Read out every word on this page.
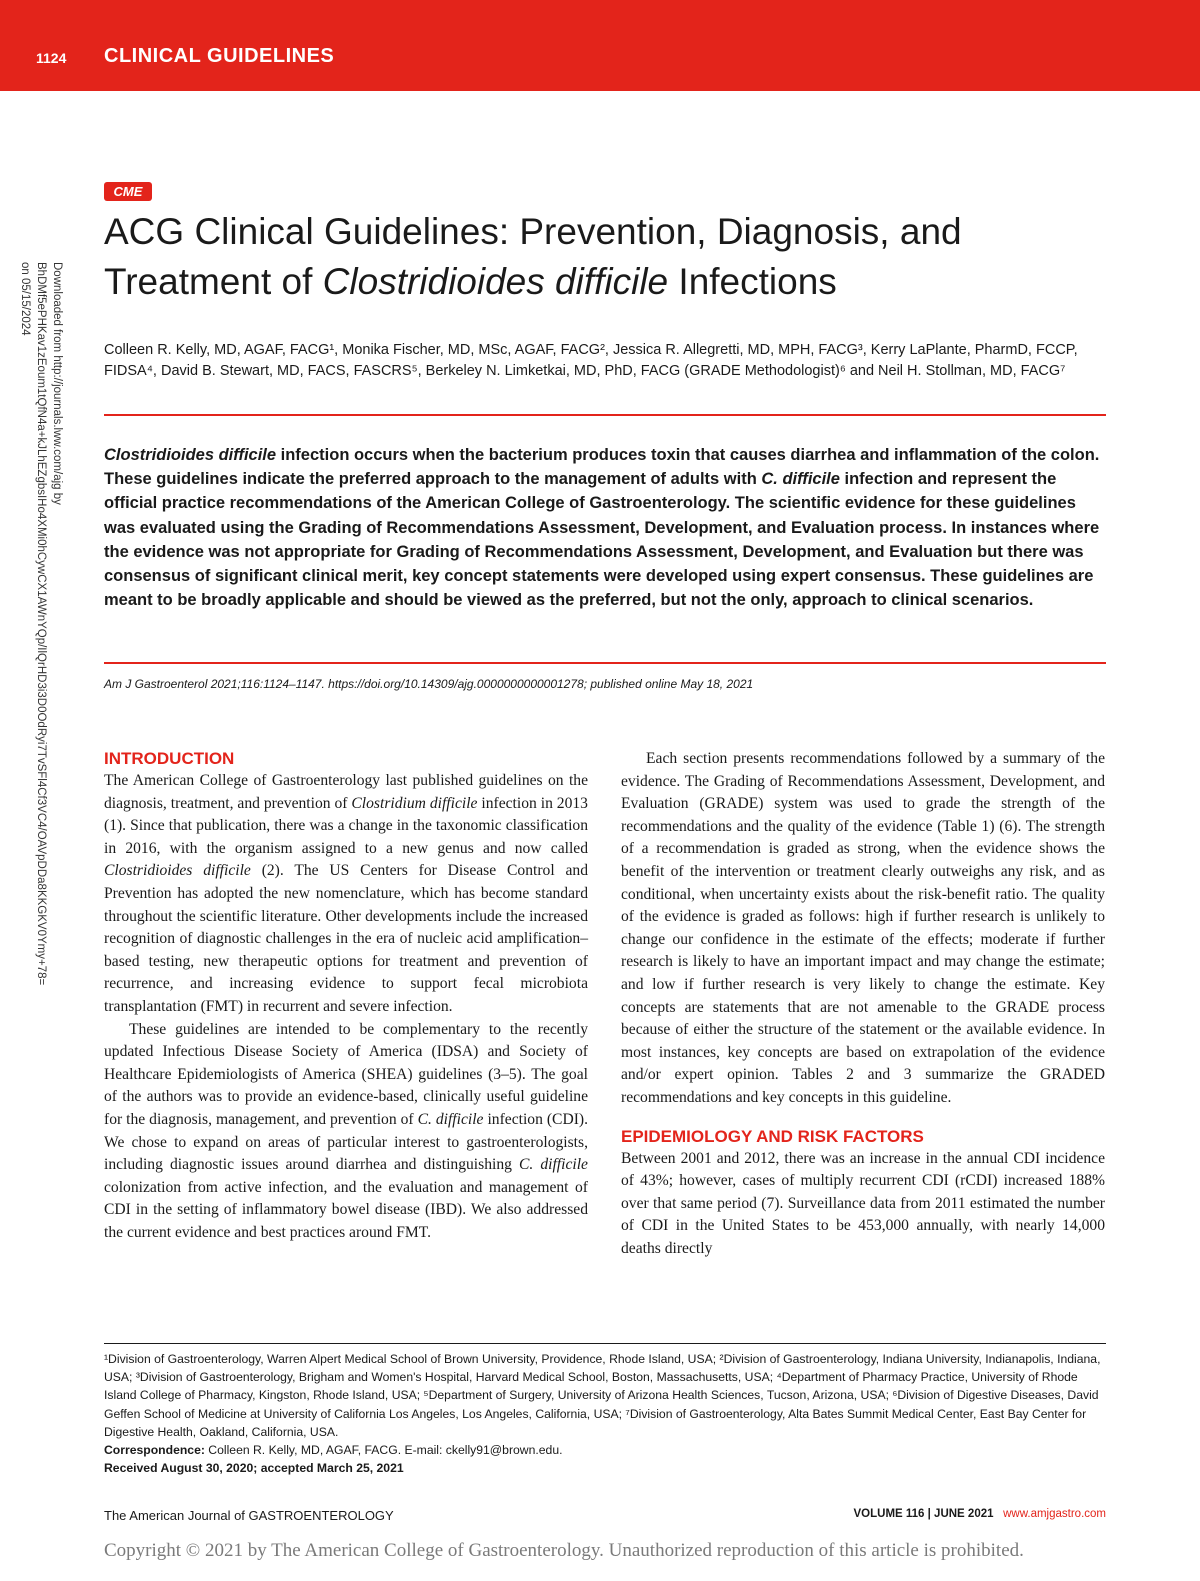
1124 CLINICAL GUIDELINES
Downloaded from http://journals.lww.com/ajg by BhDMf5ePHKav1zEoum1tQfN4a+kJLhEZgbsIHo4XMi0hCywCX1AWnYQp/IlQrHD3i3D0OdRyi7TvSFl4Cf3VC4/OAVpDDa8KKGKV0Ymy+78= on 05/15/2024
CME
ACG Clinical Guidelines: Prevention, Diagnosis, and
Treatment of Clostridioides difficile Infections
Colleen R. Kelly, MD, AGAF, FACG¹, Monika Fischer, MD, MSc, AGAF, FACG², Jessica R. Allegretti, MD, MPH, FACG³, Kerry LaPlante, PharmD, FCCP, FIDSA⁴, David B. Stewart, MD, FACS, FASCRS⁵, Berkeley N. Limketkai, MD, PhD, FACG (GRADE Methodologist)⁶ and Neil H. Stollman, MD, FACG⁷
Clostridioides difficile infection occurs when the bacterium produces toxin that causes diarrhea and inflammation of the colon. These guidelines indicate the preferred approach to the management of adults with C. difficile infection and represent the official practice recommendations of the American College of Gastroenterology. The scientific evidence for these guidelines was evaluated using the Grading of Recommendations Assessment, Development, and Evaluation process. In instances where the evidence was not appropriate for Grading of Recommendations Assessment, Development, and Evaluation but there was consensus of significant clinical merit, key concept statements were developed using expert consensus. These guidelines are meant to be broadly applicable and should be viewed as the preferred, but not the only, approach to clinical scenarios.
Am J Gastroenterol 2021;116:1124–1147. https://doi.org/10.14309/ajg.0000000000001278; published online May 18, 2021
INTRODUCTION

The American College of Gastroenterology last published guidelines on the diagnosis, treatment, and prevention of Clostridium difficile infection in 2013 (1). Since that publication, there was a change in the taxonomic classification in 2016, with the organism assigned to a new genus and now called Clostridioides difficile (2). The US Centers for Disease Control and Prevention has adopted the new nomenclature, which has become standard throughout the scientific literature. Other developments include the increased recognition of diagnostic challenges in the era of nucleic acid amplification–based testing, new therapeutic options for treatment and prevention of recurrence, and increasing evidence to support fecal microbiota transplantation (FMT) in recurrent and severe infection.

These guidelines are intended to be complementary to the recently updated Infectious Disease Society of America (IDSA) and Society of Healthcare Epidemiologists of America (SHEA) guidelines (3–5). The goal of the authors was to provide an evidence-based, clinically useful guideline for the diagnosis, management, and prevention of C. difficile infection (CDI). We chose to expand on areas of particular interest to gastroenterologists, including diagnostic issues around diarrhea and distinguishing C. difficile colonization from active infection, and the evaluation and management of CDI in the setting of inflammatory bowel disease (IBD). We also addressed the current evidence and best practices around FMT.

Each section presents recommendations followed by a summary of the evidence. The Grading of Recommendations Assessment, Development, and Evaluation (GRADE) system was used to grade the strength of the recommendations and the quality of the evidence (Table 1) (6). The strength of a recommendation is graded as strong, when the evidence shows the benefit of the intervention or treatment clearly outweighs any risk, and as conditional, when uncertainty exists about the risk-benefit ratio. The quality of the evidence is graded as follows: high if further research is unlikely to change our confidence in the estimate of the effects; moderate if further research is likely to have an important impact and may change the estimate; and low if further research is very likely to change the estimate. Key concepts are statements that are not amenable to the GRADE process because of either the structure of the statement or the available evidence. In most instances, key concepts are based on extrapolation of the evidence and/or expert opinion. Tables 2 and 3 summarize the GRADED recommendations and key concepts in this guideline.

EPIDEMIOLOGY AND RISK FACTORS

Between 2001 and 2012, there was an increase in the annual CDI incidence of 43%; however, cases of multiply recurrent CDI (rCDI) increased 188% over that same period (7). Surveillance data from 2011 estimated the number of CDI in the United States to be 453,000 annually, with nearly 14,000 deaths directly

¹Division of Gastroenterology, Warren Alpert Medical School of Brown University, Providence, Rhode Island, USA; ²Division of Gastroenterology, Indiana University, Indianapolis, Indiana, USA; ³Division of Gastroenterology, Brigham and Women's Hospital, Harvard Medical School, Boston, Massachusetts, USA; ⁴Department of Pharmacy Practice, University of Rhode Island College of Pharmacy, Kingston, Rhode Island, USA; ⁵Department of Surgery, University of Arizona Health Sciences, Tucson, Arizona, USA; ⁶Division of Digestive Diseases, David Geffen School of Medicine at University of California Los Angeles, Los Angeles, California, USA; ⁷Division of Gastroenterology, Alta Bates Summit Medical Center, East Bay Center for Digestive Health, Oakland, California, USA.

Correspondence: Colleen R. Kelly, MD, AGAF, FACG. E-mail: ckelly91@brown.edu.

Received August 30, 2020; accepted March 25, 2021

The American Journal of GASTROENTEROLOGY	VOLUME 116 | JUNE 2021 www.amjgastro.com
Copyright © 2021 by The American College of Gastroenterology. Unauthorized reproduction of this article is prohibited.
